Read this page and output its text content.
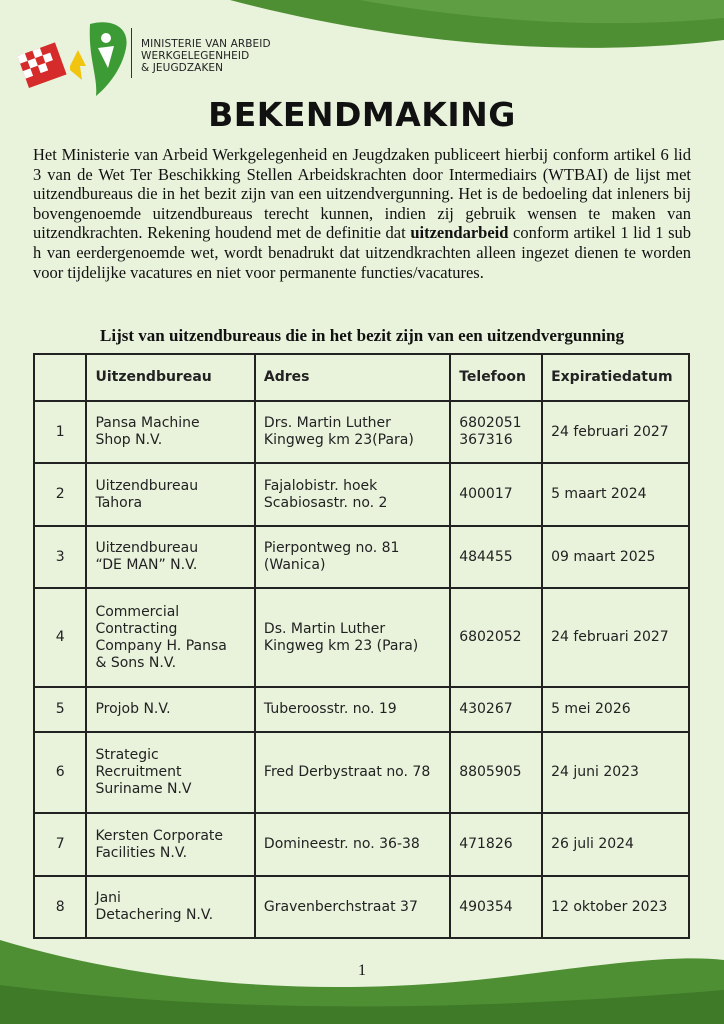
MINISTERIE VAN ARBEID
WERKGELEGENHEID
& JEUGDZAKEN
BEKENDMAKING

Het Ministerie van Arbeid Werkgelegenheid en Jeugdzaken publiceert hierbij conform artikel 6 lid 3 van de Wet Ter Beschikking Stellen Arbeidskrachten door Intermediairs (WTBAI) de lijst met uitzendbureaus die in het bezit zijn van een uitzendvergunning. Het is de bedoeling dat inleners bij bovengenoemde uitzendbureaus terecht kunnen, indien zij gebruik wensen te maken van uitzendkrachten. Rekening houdend met de definitie dat uitzendarbeid conform artikel 1 lid 1 sub h van eerdergenoemde wet, wordt benadrukt dat uitzendkrachten alleen ingezet dienen te worden voor tijdelijke vacatures en niet voor permanente functies/vacatures.

Lijst van uitzendbureaus die in het bezit zijn van een uitzendvergunning
	Uitzendbureau	Adres	Telefoon	Expiratiedatum
1	Pansa Machine
Shop N.V.	Drs. Martin Luther
Kingweg km 23(Para)	6802051
367316	24 februari 2027
2	Uitzendbureau
Tahora	Fajalobistr. hoek
Scabiosastr. no. 2	400017	5 maart 2024
3	Uitzendbureau
“DE MAN” N.V.	Pierpontweg no. 81
(Wanica)	484455	09 maart 2025
4	Commercial
Contracting
Company H. Pansa
& Sons N.V.	Ds. Martin Luther
Kingweg km 23 (Para)	6802052	24 februari 2027
5	Projob N.V.	Tuberoosstr. no. 19	430267	5 mei 2026
6	Strategic
Recruitment
Suriname N.V	Fred Derbystraat no. 78	8805905	24 juni 2023
7	Kersten Corporate
Facilities N.V.	Domineestr. no. 36-38	471826	26 juli 2024
8	Jani
Detachering N.V.	Gravenberchstraat 37	490354	12 oktober 2023
1
